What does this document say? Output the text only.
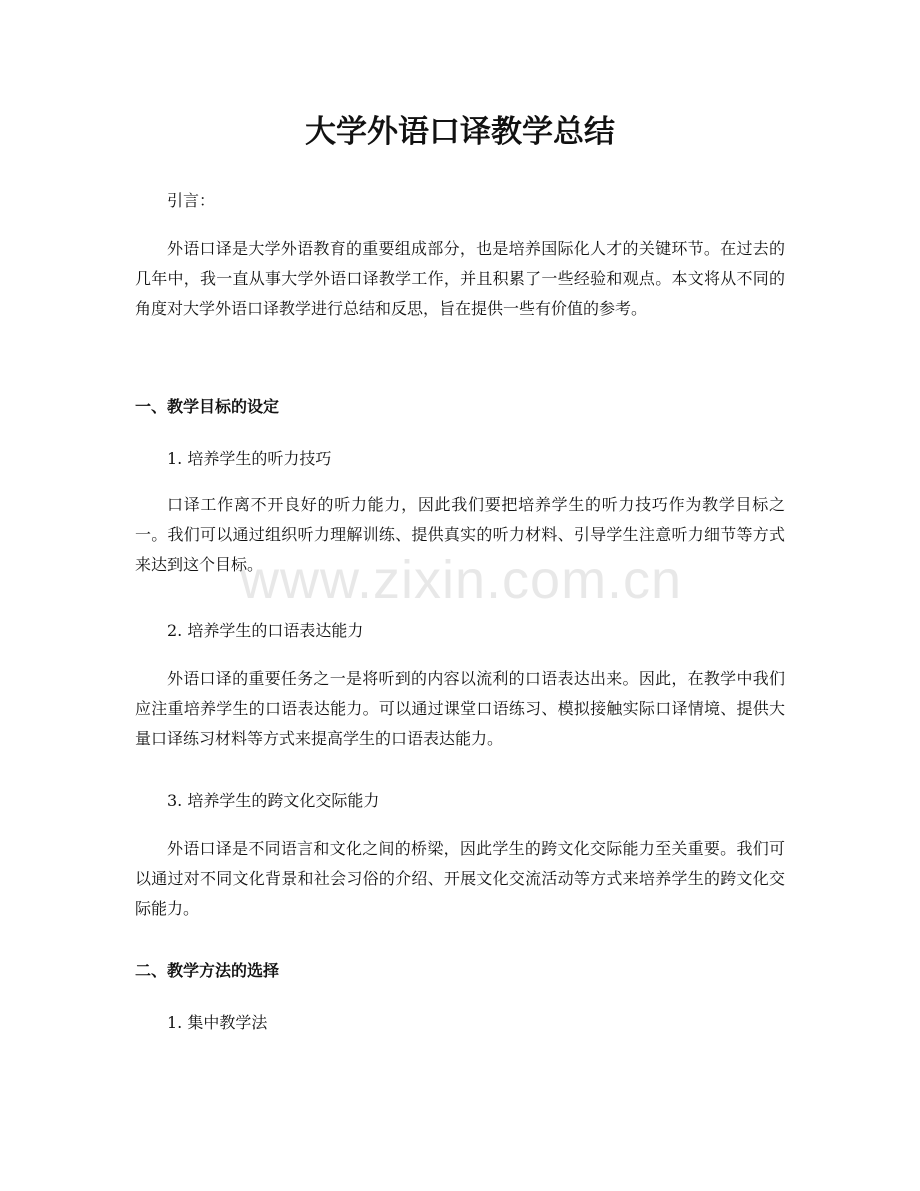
大学外语口译教学总结

引言：

外语口译是大学外语教育的重要组成部分，也是培养国际化人才的关键环节。在过去的几年中，我一直从事大学外语口译教学工作，并且积累了一些经验和观点。本文将从不同的角度对大学外语口译教学进行总结和反思，旨在提供一些有价值的参考。

一、教学目标的设定

1. 培养学生的听力技巧

口译工作离不开良好的听力能力，因此我们要把培养学生的听力技巧作为教学目标之一。我们可以通过组织听力理解训练、提供真实的听力材料、引导学生注意听力细节等方式来达到这个目标。

2. 培养学生的口语表达能力

外语口译的重要任务之一是将听到的内容以流利的口语表达出来。因此，在教学中我们应注重培养学生的口语表达能力。可以通过课堂口语练习、模拟接触实际口译情境、提供大量口译练习材料等方式来提高学生的口语表达能力。

3. 培养学生的跨文化交际能力

外语口译是不同语言和文化之间的桥梁，因此学生的跨文化交际能力至关重要。我们可以通过对不同文化背景和社会习俗的介绍、开展文化交流活动等方式来培养学生的跨文化交际能力。

二、教学方法的选择

1. 集中教学法

www.zixin.com.cn
